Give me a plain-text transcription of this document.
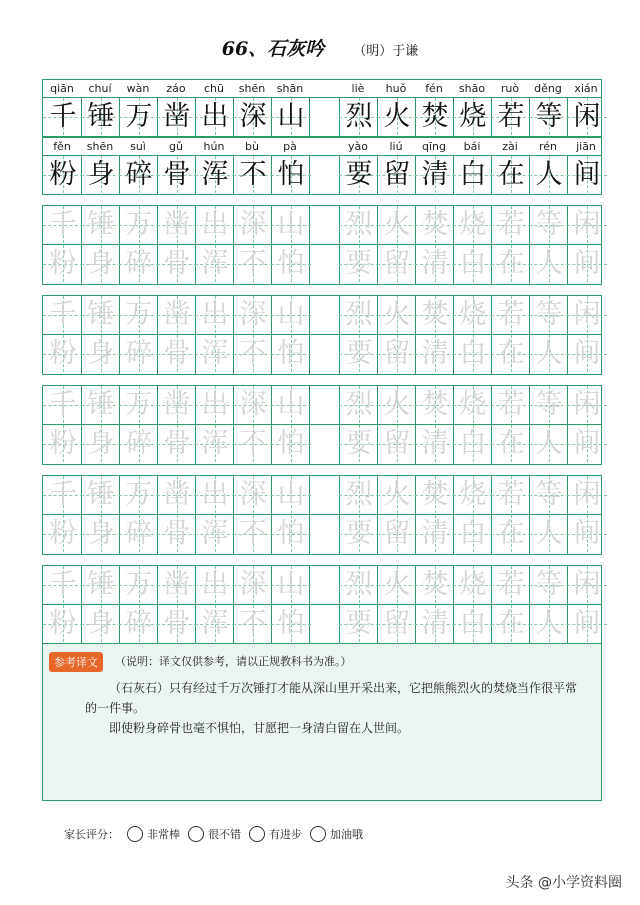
66、石灰吟 （明）于谦
qiān	chuí	wàn	záo	chū	shēn	shān	liè	huǒ	fén	shāo	ruò	děng	xián
千 锤 万 凿 出 深 山 烈 火 焚 烧 若 等 闲
fěn	shēn	suì	gǔ	hún	bù	pà	yào	liú	qīng	bái	zài	rén	jiān
粉 身 碎 骨 浑 不 怕 要 留 清 白 在 人 间
千 锤 万 凿 出 深 山 烈 火 焚 烧 若 等 闲
粉 身 碎 骨 浑 不 怕 要 留 清 白 在 人 间
千 锤 万 凿 出 深 山 烈 火 焚 烧 若 等 闲
粉 身 碎 骨 浑 不 怕 要 留 清 白 在 人 间
千 锤 万 凿 出 深 山 烈 火 焚 烧 若 等 闲
粉 身 碎 骨 浑 不 怕 要 留 清 白 在 人 间
千 锤 万 凿 出 深 山 烈 火 焚 烧 若 等 闲
粉 身 碎 骨 浑 不 怕 要 留 清 白 在 人 间
千 锤 万 凿 出 深 山 烈 火 焚 烧 若 等 闲
粉 身 碎 骨 浑 不 怕 要 留 清 白 在 人 间
参考译文	（说明：译文仅供参考，请以正规教科书为准。）

（石灰石）只有经过千万次锤打才能从深山里开采出来，它把熊熊烈火的焚烧当作很平常的一件事。

即使粉身碎骨也毫不惧怕，甘愿把一身清白留在人世间。

家长评分：	非常棒	很不错	有进步	加油哦
头条 @小学资料圈
